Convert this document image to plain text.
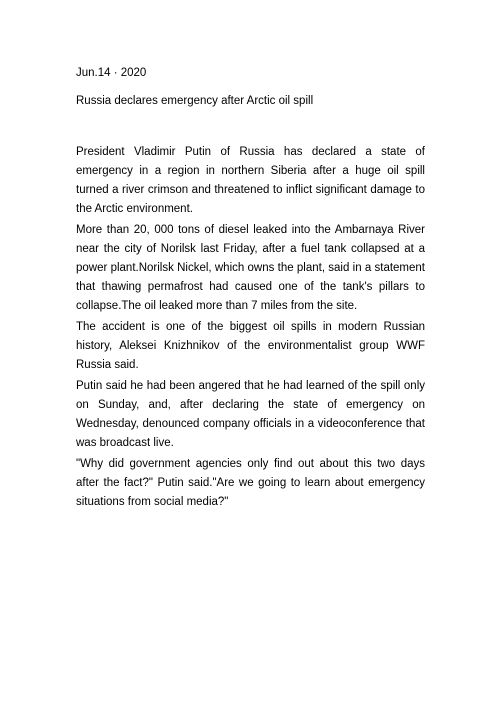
Jun.14 · 2020

Russia declares emergency after Arctic oil spill

President Vladimir Putin of Russia has declared a state of emergency in a region in northern Siberia after a huge oil spill turned a river crimson and threatened to inflict significant damage to the Arctic environment.

More than 20, 000 tons of diesel leaked into the Ambarnaya River near the city of Norilsk last Friday, after a fuel tank collapsed at a power plant.Norilsk Nickel, which owns the plant, said in a statement that thawing permafrost had caused one of the tank's pillars to collapse.The oil leaked more than 7 miles from the site.

The accident is one of the biggest oil spills in modern Russian history, Aleksei Knizhnikov of the environmentalist group WWF Russia said.

Putin said he had been angered that he had learned of the spill only on Sunday, and, after declaring the state of emergency on Wednesday, denounced company officials in a videoconference that was broadcast live.

"Why did government agencies only find out about this two days after the fact?" Putin said."Are we going to learn about emergency situations from social media?"
